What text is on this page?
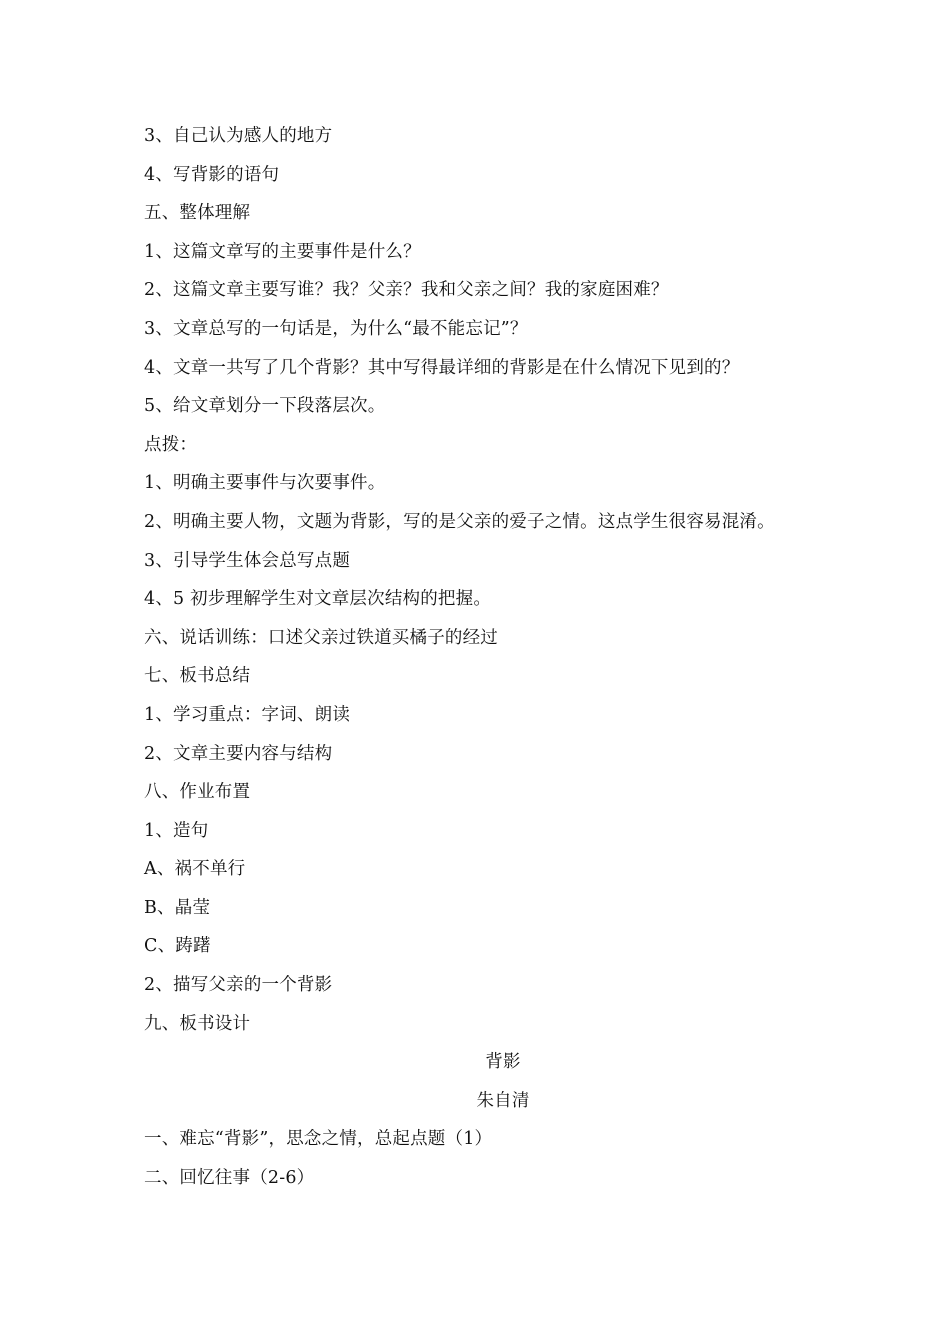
3、自己认为感人的地方
4、写背影的语句
五、整体理解
1、这篇文章写的主要事件是什么？
2、这篇文章主要写谁？我？父亲？我和父亲之间？我的家庭困难？
3、文章总写的一句话是，为什么“最不能忘记”？
4、文章一共写了几个背影？其中写得最详细的背影是在什么情况下见到的？
5、给文章划分一下段落层次。
点拨：
1、明确主要事件与次要事件。
2、明确主要人物，文题为背影，写的是父亲的爱子之情。这点学生很容易混淆。
3、引导学生体会总写点题
4、5 初步理解学生对文章层次结构的把握。
六、说话训练：口述父亲过铁道买橘子的经过
七、板书总结
1、学习重点：字词、朗读
2、文章主要内容与结构
八、作业布置
1、造句
A、祸不单行
B、晶莹
C、踌躇
2、描写父亲的一个背影
九、板书设计
背影
朱自清
一、难忘“背影”，思念之情，总起点题（1）
二、回忆往事（2-6）
